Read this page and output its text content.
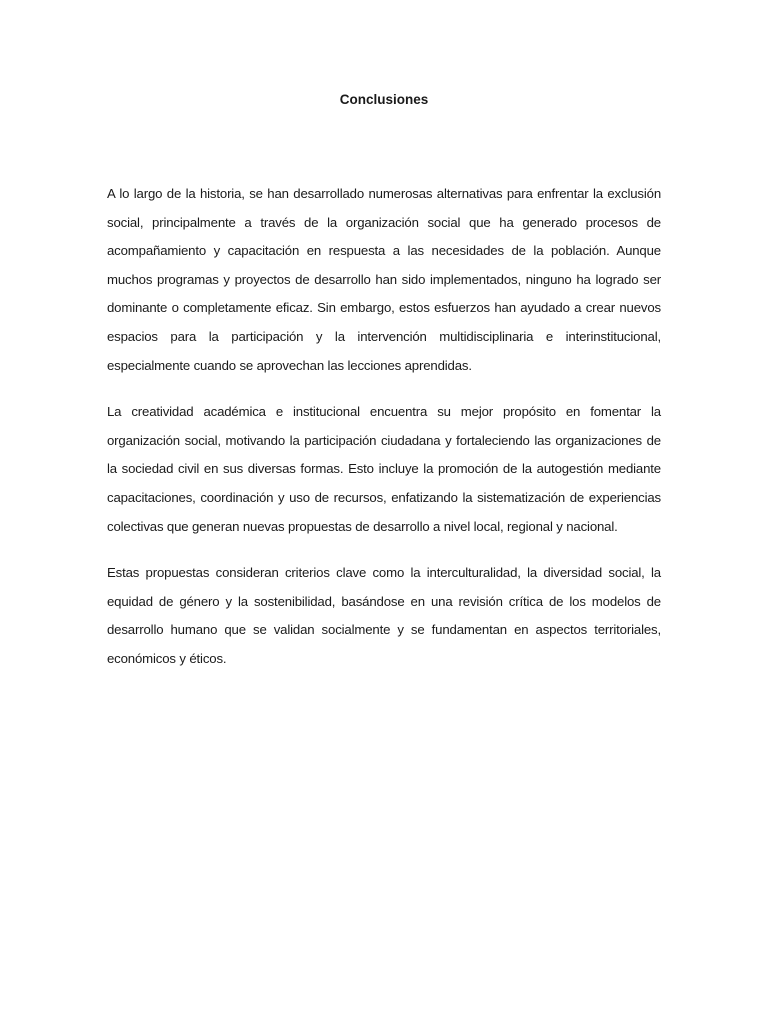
Conclusiones

A lo largo de la historia, se han desarrollado numerosas alternativas para enfrentar la exclusión social, principalmente a través de la organización social que ha generado procesos de acompañamiento y capacitación en respuesta a las necesidades de la población. Aunque muchos programas y proyectos de desarrollo han sido implementados, ninguno ha logrado ser dominante o completamente eficaz. Sin embargo, estos esfuerzos han ayudado a crear nuevos espacios para la participación y la intervención multidisciplinaria e interinstitucional, especialmente cuando se aprovechan las lecciones aprendidas.

La creatividad académica e institucional encuentra su mejor propósito en fomentar la organización social, motivando la participación ciudadana y fortaleciendo las organizaciones de la sociedad civil en sus diversas formas. Esto incluye la promoción de la autogestión mediante capacitaciones, coordinación y uso de recursos, enfatizando la sistematización de experiencias colectivas que generan nuevas propuestas de desarrollo a nivel local, regional y nacional.

Estas propuestas consideran criterios clave como la interculturalidad, la diversidad social, la equidad de género y la sostenibilidad, basándose en una revisión crítica de los modelos de desarrollo humano que se validan socialmente y se fundamentan en aspectos territoriales, económicos y éticos.
